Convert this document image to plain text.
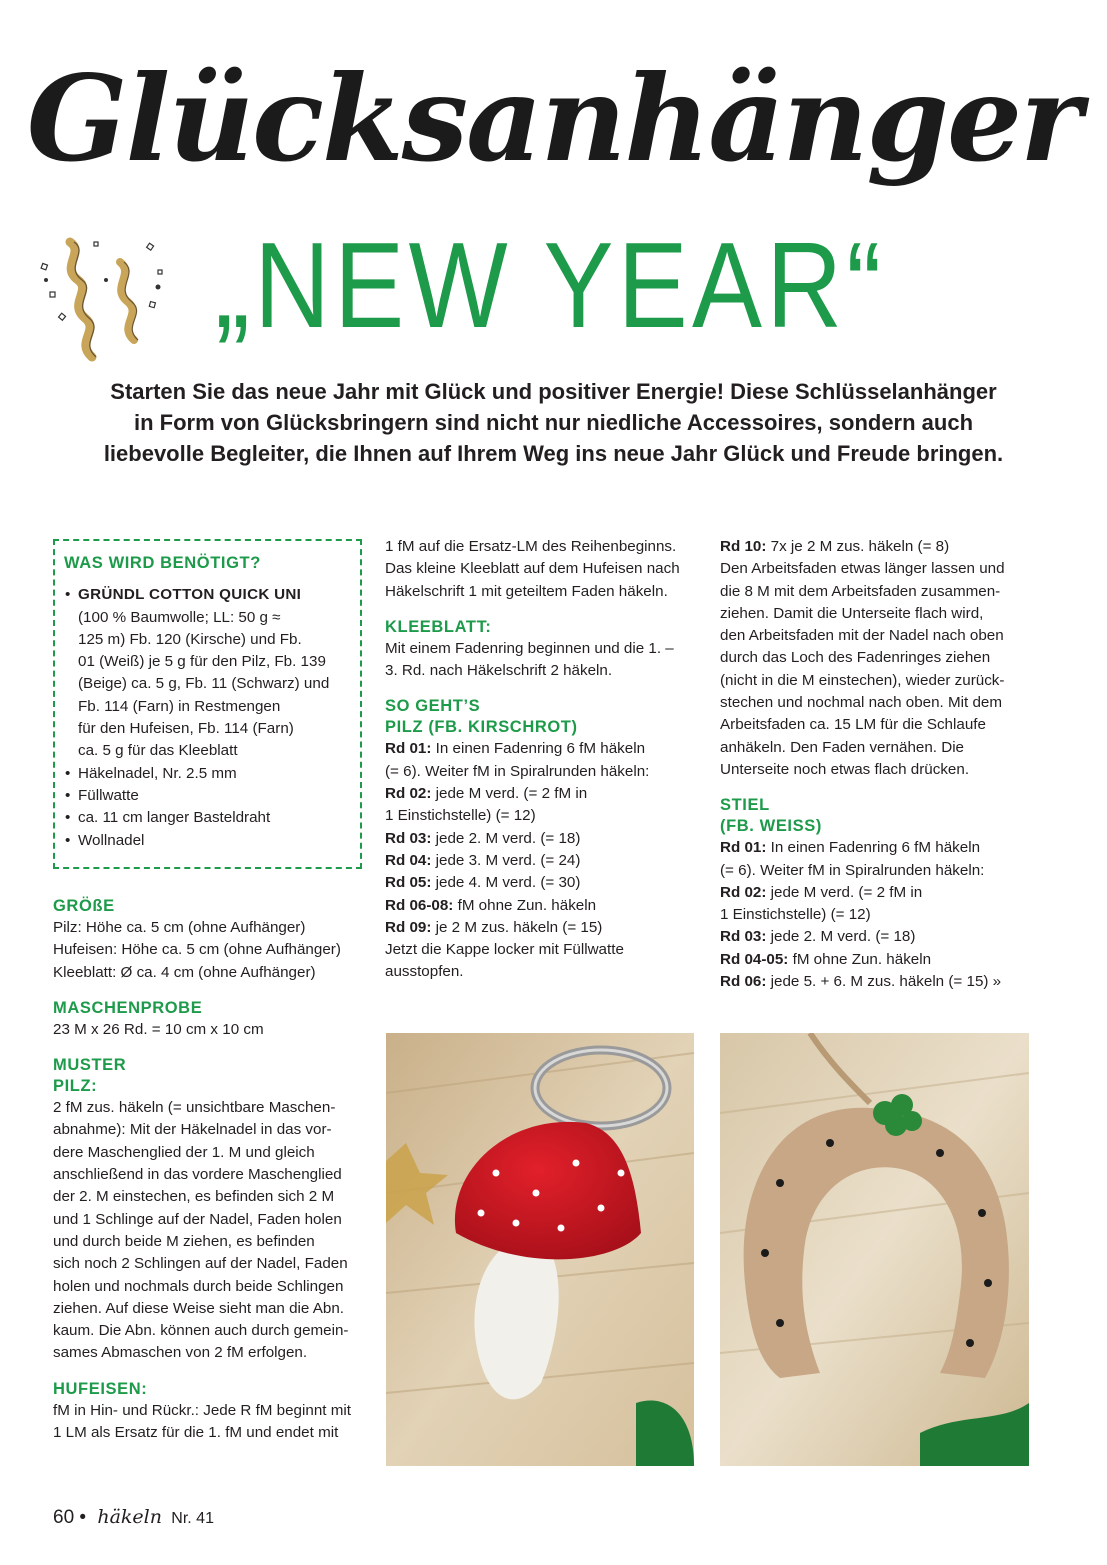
Glücksanhänger
„NEW YEAR“
Starten Sie das neue Jahr mit Glück und positiver Energie! Diese Schlüsselanhänger
in Form von Glücksbringern sind nicht nur niedliche Accessoires, sondern auch
liebevolle Begleiter, die Ihnen auf Ihrem Weg ins neue Jahr Glück und Freude bringen.
WAS WIRD BENÖTIGT?
• GRÜNDL COTTON QUICK UNI
(100 % Baumwolle; LL: 50 g ≈
125 m) Fb. 120 (Kirsche) und Fb.
01 (Weiß) je 5 g für den Pilz, Fb. 139
(Beige) ca. 5 g, Fb. 11 (Schwarz) und
Fb. 114 (Farn) in Restmengen
für den Hufeisen, Fb. 114 (Farn)
ca. 5 g für das Kleeblatt
• Häkelnadel, Nr. 2.5 mm
• Füllwatte
• ca. 11 cm langer Basteldraht
• Wollnadel
GRÖßE
Pilz: Höhe ca. 5 cm (ohne Aufhänger)
Hufeisen: Höhe ca. 5 cm (ohne Aufhänger)
Kleeblatt: Ø ca. 4 cm (ohne Aufhänger)
MASCHENPROBE
23 M x 26 Rd. = 10 cm x 10 cm
MUSTER
PILZ:
2 fM zus. häkeln (= unsichtbare Maschen-
abnahme): Mit der Häkelnadel in das vor-
dere Maschenglied der 1. M und gleich
anschließend in das vordere Maschenglied
der 2. M einstechen, es befinden sich 2 M
und 1 Schlinge auf der Nadel, Faden holen
und durch beide M ziehen, es befinden
sich noch 2 Schlingen auf der Nadel, Faden
holen und nochmals durch beide Schlingen
ziehen. Auf diese Weise sieht man die Abn.
kaum. Die Abn. können auch durch gemein-
sames Abmaschen von 2 fM erfolgen.
HUFEISEN:
fM in Hin- und Rückr.: Jede R fM beginnt mit
1 LM als Ersatz für die 1. fM und endet mit
1 fM auf die Ersatz-LM des Reihenbeginns.
Das kleine Kleeblatt auf dem Hufeisen nach
Häkelschrift 1 mit geteiltem Faden häkeln.
KLEEBLATT:
Mit einem Fadenring beginnen und die 1. –
3. Rd. nach Häkelschrift 2 häkeln.
SO GEHT’S
PILZ (FB. KIRSCHROT)
Rd 01: In einen Fadenring 6 fM häkeln
(= 6). Weiter fM in Spiralrunden häkeln:
Rd 02: jede M verd. (= 2 fM in
1 Einstichstelle) (= 12)
Rd 03: jede 2. M verd. (= 18)
Rd 04: jede 3. M verd. (= 24)
Rd 05: jede 4. M verd. (= 30)
Rd 06-08: fM ohne Zun. häkeln
Rd 09: je 2 M zus. häkeln (= 15)
Jetzt die Kappe locker mit Füllwatte
ausstopfen.
Rd 10: 7x je 2 M zus. häkeln (= 8)
Den Arbeitsfaden etwas länger lassen und
die 8 M mit dem Arbeitsfaden zusammen-
ziehen. Damit die Unterseite flach wird,
den Arbeitsfaden mit der Nadel nach oben
durch das Loch des Fadenringes ziehen
(nicht in die M einstechen), wieder zurück-
stechen und nochmal nach oben. Mit dem
Arbeitsfaden ca. 15 LM für die Schlaufe
anhäkeln. Den Faden vernähen. Die
Unterseite noch etwas flach drücken.
STIEL
(FB. WEISS)
Rd 01: In einen Fadenring 6 fM häkeln
(= 6). Weiter fM in Spiralrunden häkeln:
Rd 02: jede M verd. (= 2 fM in
1 Einstichstelle) (= 12)
Rd 03: jede 2. M verd. (= 18)
Rd 04-05: fM ohne Zun. häkeln
Rd 06: jede 5. + 6. M zus. häkeln (= 15) »
60 • häkeln Nr. 41
